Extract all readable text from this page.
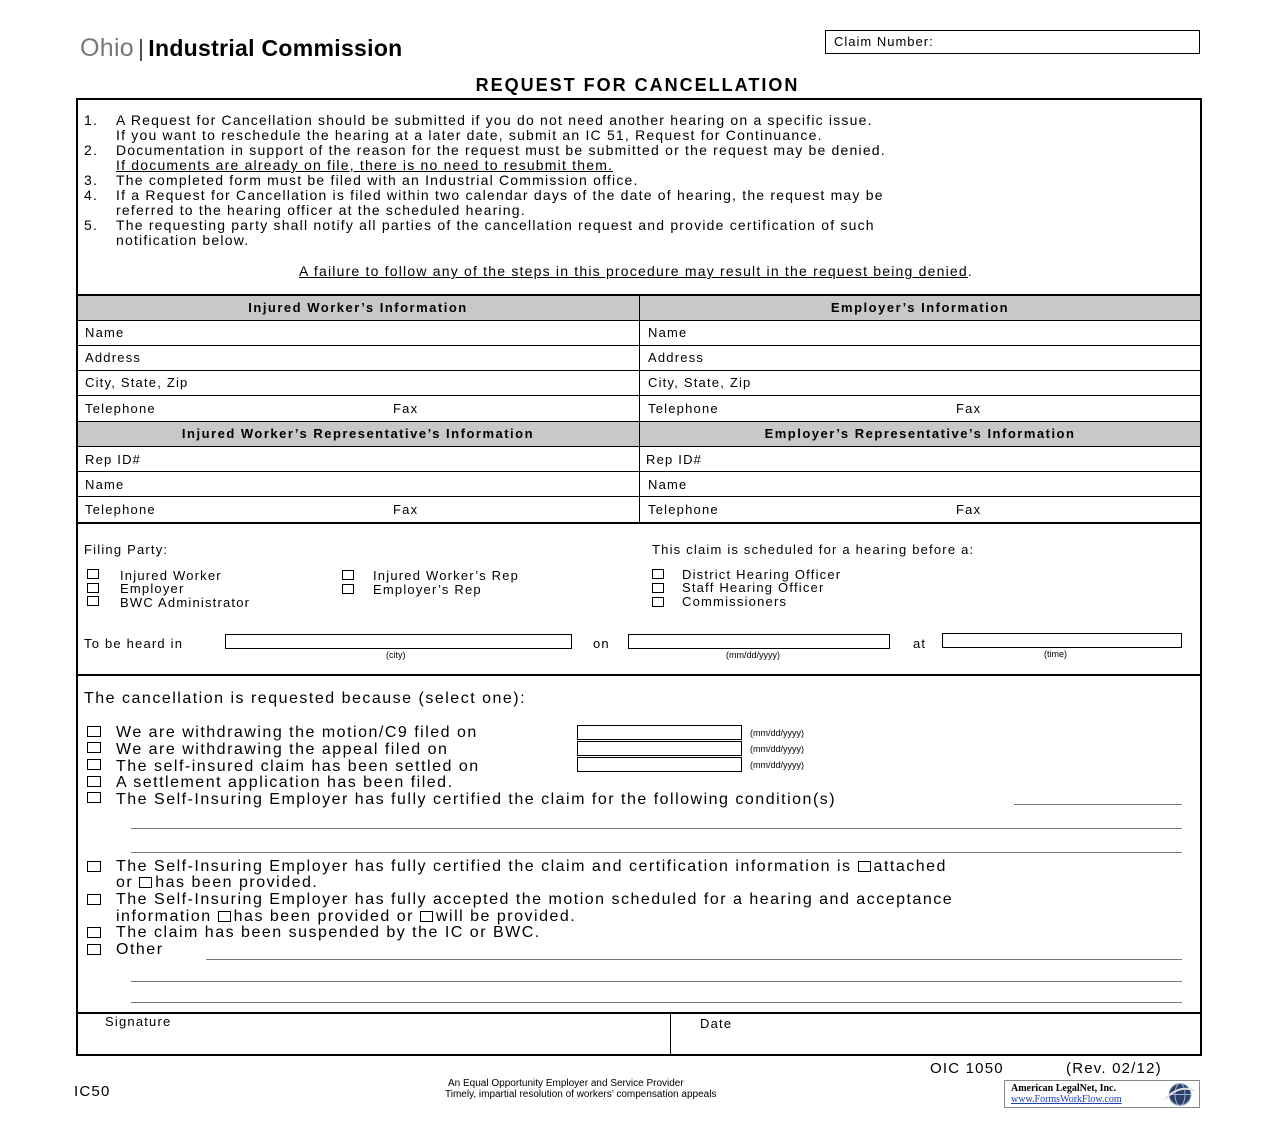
Ohio | Industrial Commission	Claim Number:
REQUEST FOR CANCELLATION
1.	A Request for Cancellation should be submitted if you do not need another hearing on a specific issue.
If you want to reschedule the hearing at a later date, submit an IC 51, Request for Continuance.
2.	Documentation in support of the reason for the request must be submitted or the request may be denied.
If documents are already on file, there is no need to resubmit them.
3.	The completed form must be filed with an Industrial Commission office.
4.	If a Request for Cancellation is filed within two calendar days of the date of hearing, the request may be
referred to the hearing officer at the scheduled hearing.
5.	The requesting party shall notify all parties of the cancellation request and provide certification of such
notification below.
A failure to follow any of the steps in this procedure may result in the request being denied.
Injured Worker’s Information	Employer’s Information
Name	Name
Address	Address
City, State, Zip	City, State, Zip
Telephone	Fax	Telephone	Fax
Injured Worker’s Representative’s Information	Employer’s Representative’s Information
Rep ID#	Rep ID#
Name	Name
Telephone	Fax	Telephone	Fax
Filing Party:	This claim is scheduled for a hearing before a:
Injured Worker
Employer
BWC Administrator
Injured Worker’s Rep
Employer’s Rep
District Hearing Officer
Staff Hearing Officer
Commissioners
To be heard in
(city)
on
(mm/dd/yyyy)
at
(time)
The cancellation is requested because (select one):
We are withdrawing the motion/C9 filed on	(mm/dd/yyyy)
We are withdrawing the appeal filed on	(mm/dd/yyyy)
The self-insured claim has been settled on	(mm/dd/yyyy)
A settlement application has been filed.
The Self-Insuring Employer has fully certified the claim for the following condition(s)
The Self-Insuring Employer has fully certified the claim and certification information is attached
or has been provided.
The Self-Insuring Employer has fully accepted the motion scheduled for a hearing and acceptance
information has been provided or will be provided.
The claim has been suspended by the IC or BWC.
Other
Signature	Date
OIC 1050	(Rev. 02/12)
IC50	An Equal Opportunity Employer and Service Provider
Timely, impartial resolution of workers’ compensation appeals
American LegalNet, Inc.
www.FormsWorkFlow.com
